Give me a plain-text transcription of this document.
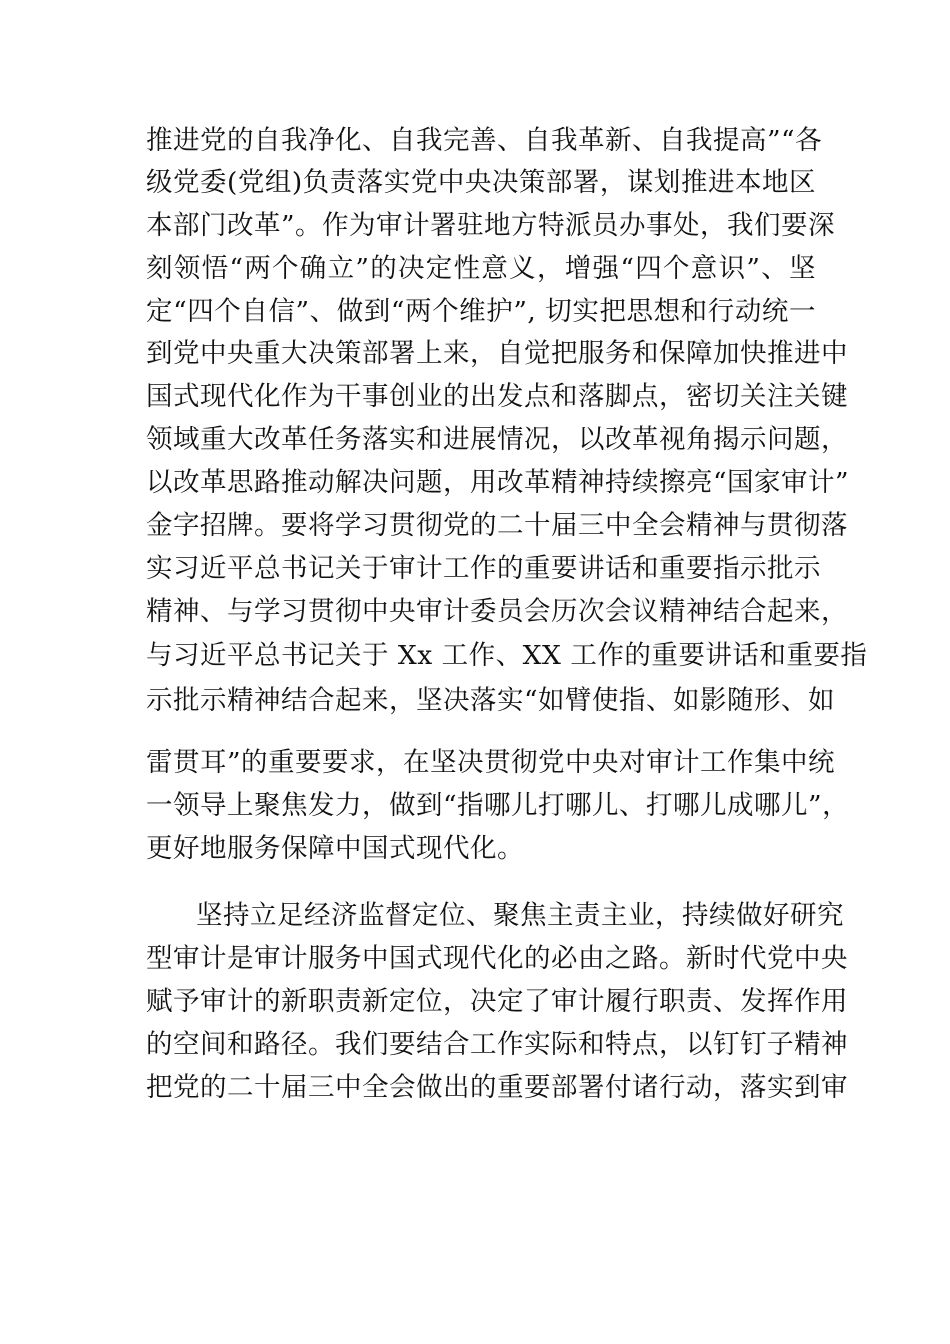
推进党的自我净化、自我完善、自我革新、自我提高”“各
级党委(党组)负责落实党中央决策部署，谋划推进本地区
本部门改革”。作为审计署驻地方特派员办事处，我们要深
刻领悟“两个确立”的决定性意义，增强“四个意识”、坚
定“四个自信”、做到“两个维护”, 切实把思想和行动统一
到党中央重大决策部署上来，自觉把服务和保障加快推进中
国式现代化作为干事创业的出发点和落脚点，密切关注关键
领域重大改革任务落实和进展情况，以改革视角揭示问题，
以改革思路推动解决问题，用改革精神持续擦亮“国家审计”
金字招牌。要将学习贯彻党的二十届三中全会精神与贯彻落
实习近平总书记关于审计工作的重要讲话和重要指示批示
精神、与学习贯彻中央审计委员会历次会议精神结合起来，
与习近平总书记关于 Xx 工作、XX 工作的重要讲话和重要指
示批示精神结合起来，坚决落实“如臂使指、如影随形、如
雷贯耳”的重要要求，在坚决贯彻党中央对审计工作集中统
一领导上聚焦发力，做到“指哪儿打哪儿、打哪儿成哪儿”，
更好地服务保障中国式现代化。
坚持立足经济监督定位、聚焦主责主业，持续做好研究
型审计是审计服务中国式现代化的必由之路。新时代党中央
赋予审计的新职责新定位，决定了审计履行职责、发挥作用
的空间和路径。我们要结合工作实际和特点，以钉钉子精神
把党的二十届三中全会做出的重要部署付诸行动，落实到审
